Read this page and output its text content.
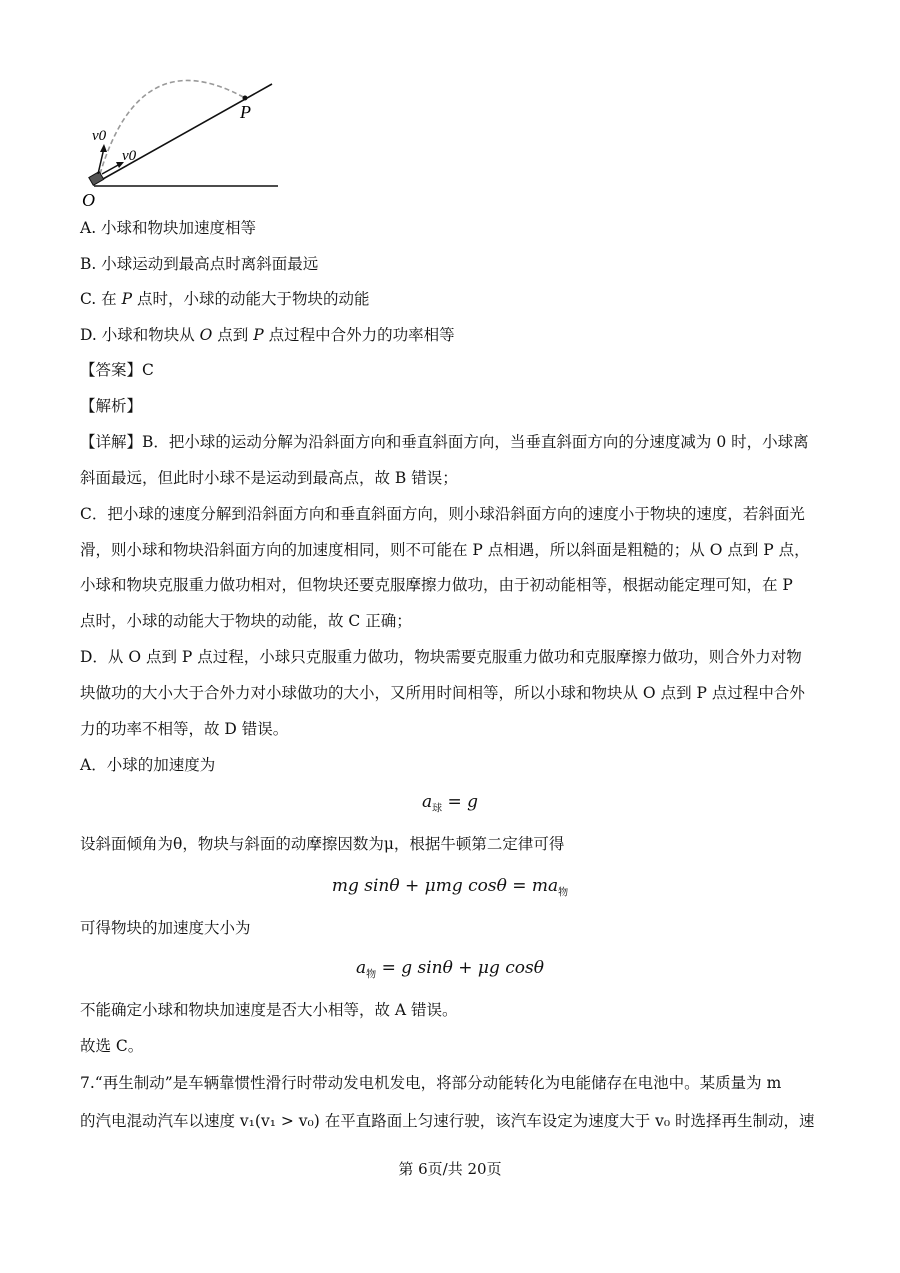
v0
v0
P
O
A. 小球和物块加速度相等
B. 小球运动到最高点时离斜面最远
C. 在 P 点时，小球的动能大于物块的动能
D. 小球和物块从 O 点到 P 点过程中合外力的功率相等
【答案】C
【解析】
【详解】B．把小球的运动分解为沿斜面方向和垂直斜面方向，当垂直斜面方向的分速度减为 0 时，小球离
斜面最远，但此时小球不是运动到最高点，故 B 错误；
C．把小球的速度分解到沿斜面方向和垂直斜面方向，则小球沿斜面方向的速度小于物块的速度，若斜面光
滑，则小球和物块沿斜面方向的加速度相同，则不可能在 P 点相遇，所以斜面是粗糙的；从 O 点到 P 点，
小球和物块克服重力做功相对，但物块还要克服摩擦力做功，由于初动能相等，根据动能定理可知，在 P
点时，小球的动能大于物块的动能，故 C 正确；
D．从 O 点到 P 点过程，小球只克服重力做功，物块需要克服重力做功和克服摩擦力做功，则合外力对物
块做功的大小大于合外力对小球做功的大小，又所用时间相等，所以小球和物块从 O 点到 P 点过程中合外
力的功率不相等，故 D 错误。
A．小球的加速度为
$a_球 = g$
设斜面倾角为θ，物块与斜面的动摩擦因数为μ，根据牛顿第二定律可得
mg sinθ + μmg $\cos\theta = ma_物$
可得物块的加速度大小为
$a_物 = g$ sinθ + μg cosθ
不能确定小球和物块加速度是否大小相等，故 A 错误。
故选 C。
7.“再生制动”是车辆靠惯性滑行时带动发电机发电，将部分动能转化为电能储存在电池中。某质量为 m
的汽电混动汽车以速度 v₁(v₁ > v₀) 在平直路面上匀速行驶，该汽车设定为速度大于 v₀ 时选择再生制动，速
第 6页/共 20页
